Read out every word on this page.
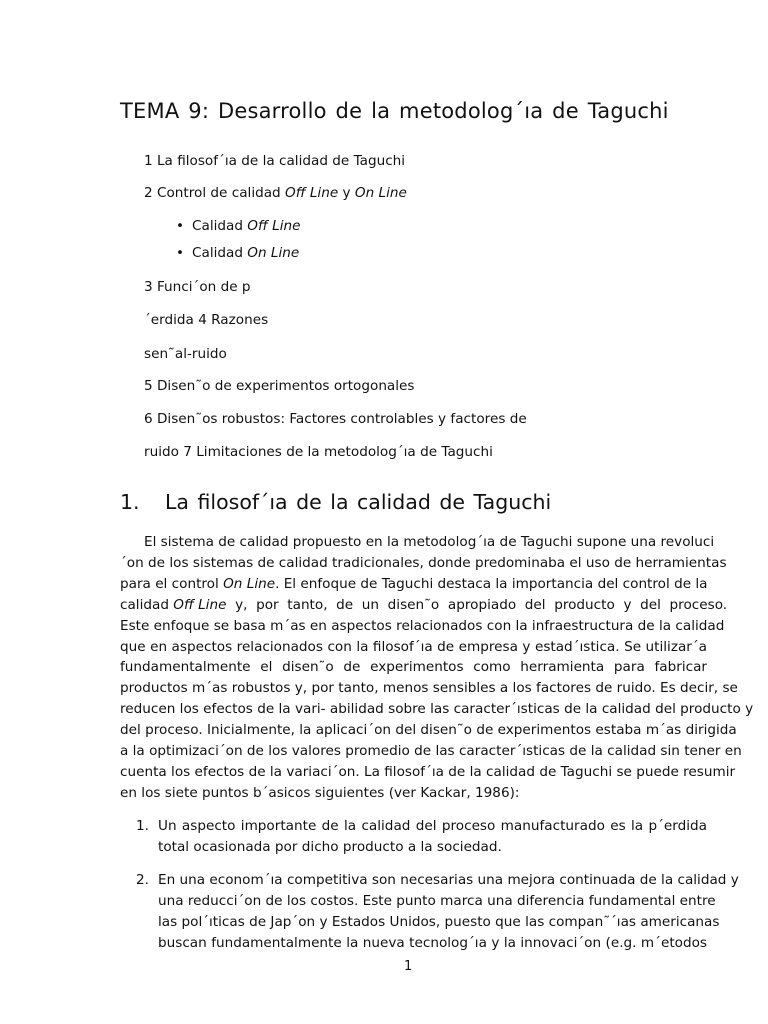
TEMA 9: Desarrollo de la metodolog´ıa de Taguchi
1 La filosof´ıa de la calidad de Taguchi
2 Control de calidad Off Line y On Line
• Calidad Off Line
• Calidad On Line
3 Funci´on de p
´erdida 4 Razones
sen˜al-ruido
5 Disen˜o de experimentos ortogonales
6 Disen˜os robustos: Factores controlables y factores de
ruido 7 Limitaciones de la metodolog´ıa de Taguchi
1. La filosof´ıa de la calidad de Taguchi
El sistema de calidad propuesto en la metodolog´ıa de Taguchi supone una revoluci
´on de los sistemas de calidad tradicionales, donde predominaba el uso de herramientas
para el control On Line. El enfoque de Taguchi destaca la importancia del control de la
calidad Off Line  y,  por  tanto,  de  un  disen˜o  apropiado  del  producto  y  del  proceso.
Este enfoque se basa m´as en aspectos relacionados con la infraestructura de la calidad
que en aspectos relacionados con la filosof´ıa de empresa y estad´ıstica. Se utilizar´a
fundamentalmente el disen˜o de experimentos como herramienta para fabricar
productos m´as robustos y, por tanto, menos sensibles a los factores de ruido. Es decir, se
reducen los efectos de la vari- abilidad sobre las caracter´ısticas de la calidad del producto y
del proceso. Inicialmente, la aplicaci´on del disen˜o de experimentos estaba m´as dirigida
a la optimizaci´on de los valores promedio de las caracter´ısticas de la calidad sin tener en
cuenta los efectos de la variaci´on. La filosof´ıa de la calidad de Taguchi se puede resumir
en los siete puntos b´asicos siguientes (ver Kackar, 1986):
1. Un aspecto importante de la calidad del proceso manufacturado es la p´erdida
total ocasionada por dicho producto a la sociedad.
2. En una econom´ıa competitiva son necesarias una mejora continuada de la calidad y
una reducci´on de los costos. Este punto marca una diferencia fundamental entre
las pol´ıticas de Jap´on y Estados Unidos, puesto que las compan˜´ıas americanas
buscan fundamentalmente la nueva tecnolog´ıa y la innovaci´on (e.g. m´etodos
1
